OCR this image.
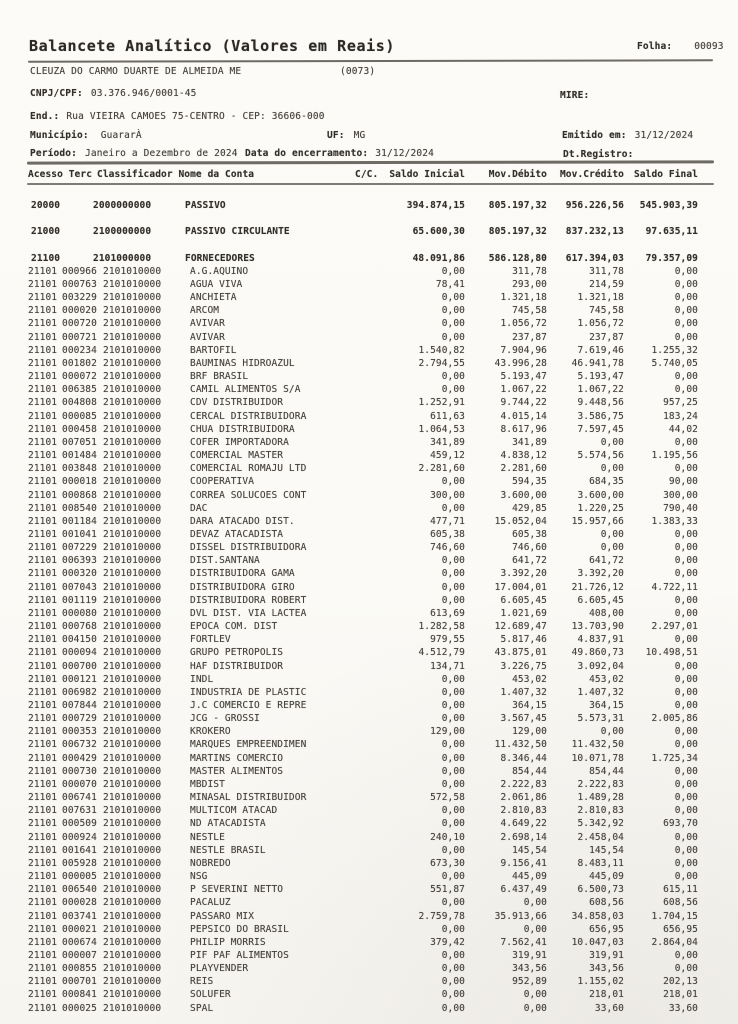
Balancete Analítico (Valores em Reais)	Folha: 00093
CLEUZA DO CARMO DUARTE DE ALMEIDA ME	(0073)
CNPJ/CPF: 03.376.946/0001-45	MIRE:
End.: Rua VIEIRA CAMOES 75-CENTRO - CEP: 36606-000
Município: GuararÀ	UF: MG	Emitido em: 31/12/2024
Período: Janeiro a Dezembro de 2024 Data do encerramento: 31/12/2024	Dt.Registro:
Acesso Terc Classificador Nome da Conta	C/C.	Saldo Inicial	Mov.Débito	Mov.Crédito	Saldo Final
20000	2000000000	PASSIVO	394.874,15	805.197,32	956.226,56	545.903,39
21000	2100000000	PASSIVO CIRCULANTE	65.600,30	805.197,32	837.232,13	97.635,11
21100	2101000000	FORNECEDORES	48.091,86	586.128,80	617.394,03	79.357,09
21101 000966 2101010000	A.G.AQUINO	0,00	311,78	311,78	0,00
21101 000763 2101010000	AGUA VIVA	78,41	293,00	214,59	0,00
21101 003229 2101010000	ANCHIETA	0,00	1.321,18	1.321,18	0,00
21101 000020 2101010000	ARCOM	0,00	745,58	745,58	0,00
21101 000720 2101010000	AVIVAR	0,00	1.056,72	1.056,72	0,00
21101 000721 2101010000	AVIVAR	0,00	237,87	237,87	0,00
21101 000234 2101010000	BARTOFIL	1.540,82	7.904,96	7.619,46	1.255,32
21101 001802 2101010000	BAUMINAS HIDROAZUL	2.794,55	43.996,28	46.941,78	5.740,05
21101 000072 2101010000	BRF BRASIL	0,00	5.193,47	5.193,47	0,00
21101 006385 2101010000	CAMIL ALIMENTOS S/A	0,00	1.067,22	1.067,22	0,00
21101 004808 2101010000	CDV DISTRIBUIDOR	1.252,91	9.744,22	9.448,56	957,25
21101 000085 2101010000	CERCAL DISTRIBUIDORA	611,63	4.015,14	3.586,75	183,24
21101 000458 2101010000	CHUA DISTRIBUIDORA	1.064,53	8.617,96	7.597,45	44,02
21101 007051 2101010000	COFER IMPORTADORA	341,89	341,89	0,00	0,00
21101 001484 2101010000	COMERCIAL MASTER	459,12	4.838,12	5.574,56	1.195,56
21101 003848 2101010000	COMERCIAL ROMAJU LTD	2.281,60	2.281,60	0,00	0,00
21101 000018 2101010000	COOPERATIVA	0,00	594,35	684,35	90,00
21101 000868 2101010000	CORREA SOLUCOES CONT	300,00	3.600,00	3.600,00	300,00
21101 008540 2101010000	DAC	0,00	429,85	1.220,25	790,40
21101 001184 2101010000	DARA ATACADO DIST.	477,71	15.052,04	15.957,66	1.383,33
21101 001041 2101010000	DEVAZ ATACADISTA	605,38	605,38	0,00	0,00
21101 007229 2101010000	DISSEL DISTRIBUIDORA	746,60	746,60	0,00	0,00
21101 006393 2101010000	DIST.SANTANA	0,00	641,72	641,72	0,00
21101 000320 2101010000	DISTRIBUIDORA GAMA	0,00	3.392,20	3.392,20	0,00
21101 007043 2101010000	DISTRIBUIDORA GIRO	0,00	17.004,01	21.726,12	4.722,11
21101 001119 2101010000	DISTRIBUIDORA ROBERT	0,00	6.605,45	6.605,45	0,00
21101 000080 2101010000	DVL DIST. VIA LACTEA	613,69	1.021,69	408,00	0,00
21101 000768 2101010000	EPOCA COM. DIST	1.282,58	12.689,47	13.703,90	2.297,01
21101 004150 2101010000	FORTLEV	979,55	5.817,46	4.837,91	0,00
21101 000094 2101010000	GRUPO PETROPOLIS	4.512,79	43.875,01	49.860,73	10.498,51
21101 000700 2101010000	HAF DISTRIBUIDOR	134,71	3.226,75	3.092,04	0,00
21101 000121 2101010000	INDL	0,00	453,02	453,02	0,00
21101 006982 2101010000	INDUSTRIA DE PLASTIC	0,00	1.407,32	1.407,32	0,00
21101 007844 2101010000	J.C COMERCIO E REPRE	0,00	364,15	364,15	0,00
21101 000729 2101010000	JCG - GROSSI	0,00	3.567,45	5.573,31	2.005,86
21101 000353 2101010000	KROKERO	129,00	129,00	0,00	0,00
21101 006732 2101010000	MARQUES EMPREENDIMEN	0,00	11.432,50	11.432,50	0,00
21101 000429 2101010000	MARTINS COMERCIO	0,00	8.346,44	10.071,78	1.725,34
21101 000730 2101010000	MASTER ALIMENTOS	0,00	854,44	854,44	0,00
21101 000070 2101010000	MBDIST	0,00	2.222,83	2.222,83	0,00
21101 006741 2101010000	MINASAL DISTRIBUIDOR	572,58	2.061,86	1.489,28	0,00
21101 007631 2101010000	MULTICOM ATACAD	0,00	2.810,83	2.810,83	0,00
21101 000509 2101010000	ND ATACADISTA	0,00	4.649,22	5.342,92	693,70
21101 000924 2101010000	NESTLE	240,10	2.698,14	2.458,04	0,00
21101 001641 2101010000	NESTLE BRASIL	0,00	145,54	145,54	0,00
21101 005928 2101010000	NOBREDO	673,30	9.156,41	8.483,11	0,00
21101 000005 2101010000	NSG	0,00	445,09	445,09	0,00
21101 006540 2101010000	P SEVERINI NETTO	551,87	6.437,49	6.500,73	615,11
21101 000028 2101010000	PACALUZ	0,00	0,00	608,56	608,56
21101 003741 2101010000	PASSARO MIX	2.759,78	35.913,66	34.858,03	1.704,15
21101 000021 2101010000	PEPSICO DO BRASIL	0,00	0,00	656,95	656,95
21101 000674 2101010000	PHILIP MORRIS	379,42	7.562,41	10.047,03	2.864,04
21101 000007 2101010000	PIF PAF ALIMENTOS	0,00	319,91	319,91	0,00
21101 000855 2101010000	PLAYVENDER	0,00	343,56	343,56	0,00
21101 000701 2101010000	REIS	0,00	952,89	1.155,02	202,13
21101 000841 2101010000	SOLUFER	0,00	0,00	218,01	218,01
21101 000025 2101010000	SPAL	0,00	0,00	33,60	33,60
